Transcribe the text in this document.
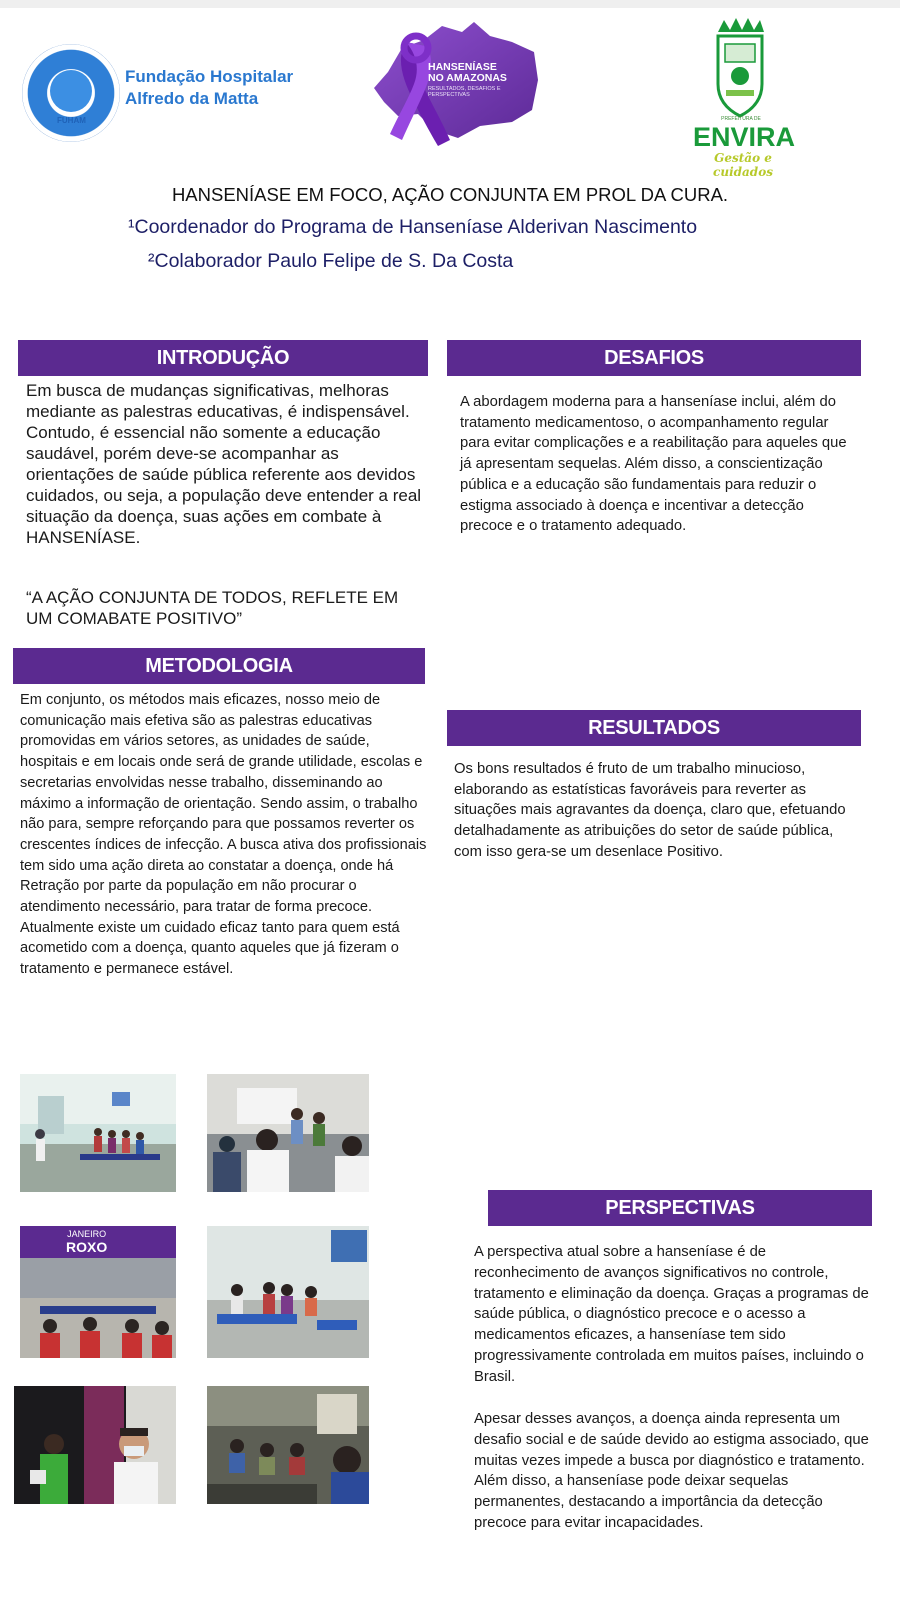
FUHAM
Fundação Hospitalar
Alfredo da Matta
HANSENÍASE
NO AMAZONAS
RESULTADOS, DESAFIOS E PERSPECTIVAS
PREFEITURA DE
ENVIRA
Gestão e cuidados
HANSENÍASE EM FOCO, AÇÃO CONJUNTA EM PROL DA CURA.
¹Coordenador do Programa de Hanseníase Alderivan Nascimento
²Colaborador Paulo Felipe de S. Da Costa
INTRODUÇÃO
Em busca de mudanças significativas, melhoras mediante as palestras educativas, é indispensável. Contudo, é essencial não somente a educação saudável, porém deve-se acompanhar as orientações de saúde pública referente aos devidos cuidados, ou seja, a população deve entender a real situação da doença, suas ações em combate à HANSENÍASE.
“A AÇÃO CONJUNTA DE TODOS, REFLETE EM UM COMABATE POSITIVO”
DESAFIOS
A abordagem moderna para a hanseníase inclui, além do tratamento medicamentoso, o acompanhamento regular para evitar complicações e a reabilitação para aqueles que já apresentam sequelas. Além disso, a conscientização pública e a educação são fundamentais para reduzir o estigma associado à doença e incentivar a detecção precoce e o tratamento adequado.
METODOLOGIA
Em conjunto, os métodos mais eficazes, nosso meio de comunicação mais efetiva são as palestras educativas promovidas em vários setores, as unidades de saúde, hospitais e em locais onde será de grande utilidade, escolas e secretarias envolvidas nesse trabalho, disseminando ao máximo a informação de orientação. Sendo assim, o trabalho não para, sempre reforçando para que possamos reverter os crescentes índices de infecção. A busca ativa dos profissionais tem sido uma ação direta ao constatar a doença, onde há Retração por parte da população em não procurar o atendimento necessário, para tratar de forma precoce. Atualmente existe um cuidado eficaz tanto para quem está acometido com a doença, quanto aqueles que já fizeram o tratamento e permanece estável.
RESULTADOS
Os bons resultados é fruto de um trabalho minucioso, elaborando as estatísticas favoráveis para reverter as situações mais agravantes da doença, claro que, efetuando detalhadamente as atribuições do setor de saúde pública, com isso gera-se um desenlace Positivo.
PERSPECTIVAS
A perspectiva atual sobre a hanseníase é de reconhecimento de avanços significativos no controle, tratamento e eliminação da doença. Graças a programas de saúde pública, o diagnóstico precoce e o acesso a medicamentos eficazes, a hanseníase tem sido progressivamente controlada em muitos países, incluindo o Brasil.
Apesar desses avanços, a doença ainda representa um desafio social e de saúde devido ao estigma associado, que muitas vezes impede a busca por diagnóstico e tratamento. Além disso, a hanseníase pode deixar sequelas permanentes, destacando a importância da detecção precoce para evitar incapacidades.
JANEIRO
ROXO
